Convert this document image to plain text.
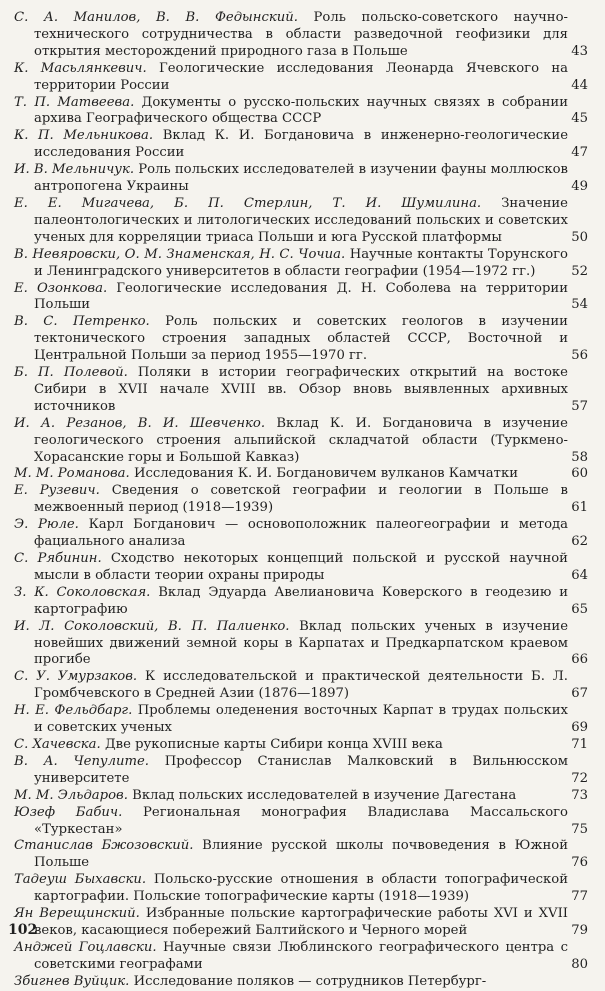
С. А. Манилов, В. В. Федынский. Роль польско-советского научно-технического сотрудничества в области разведочной геофизики для открытия месторождений природного газа в Польше	43
К. Масьлянкевич. Геологические исследования Леонарда Ячевского на территории России	44
Т. П. Матвеева. Документы о русско-польских научных связях в собрании архива Географического общества СССР	45
К. П. Мельникова. Вклад К. И. Богдановича в инженерно-геологические исследования России	47
И. В. Мельничук. Роль польских исследователей в изучении фауны моллюсков антропогена Украины	49
Е. Е. Мигачева, Б. П. Стерлин, Т. И. Шумилина. Значение палеонтологических и литологических исследований польских и советских ученых для корреляции триаса Польши и юга Русской платформы	50
В. Невяровски, О. М. Знаменская, Н. С. Чочиа. Научные контакты Торунского и Ленинградского университетов в области географии (1954—1972 гг.)	52
Е. Озонкова. Геологические исследования Д. Н. Соболева на территории Польши	54
В. С. Петренко. Роль польских и советских геологов в изучении тектонического строения западных областей СССР, Восточной и Центральной Польши за период 1955—1970 гг.	56
Б. П. Полевой. Поляки в истории географических открытий на востоке Сибири в XVII начале XVIII вв. Обзор вновь выявленных архивных источников	57
И. А. Резанов, В. И. Шевченко. Вклад К. И. Богдановича в изучение геологического строения альпийской складчатой области (Туркмено-Хорасанские горы и Большой Кавказ)	58
М. М. Романова. Исследования К. И. Богдановичем вулканов Камчатки	60
Е. Рузевич. Сведения о советской географии и геологии в Польше в межвоенный период (1918—1939)	61
Э. Рюле. Карл Богданович — основоположник палеогеографии и метода фациального анализа	62
С. Рябинин. Сходство некоторых концепций польской и русской научной мысли в области теории охраны природы	64
З. К. Соколовская. Вклад Эдуарда Авелиановича Коверского в геодезию и картографию	65
И. Л. Соколовский, В. П. Палиенко. Вклад польских ученых в изучение новейших движений земной коры в Карпатах и Предкарпатском краевом прогибе	66
С. У. Умурзаков. К исследовательской и практической деятельности Б. Л. Громбчевского в Средней Азии (1876—1897)	67
Н. Е. Фельдбарг. Проблемы оледенения восточных Карпат в трудах польских и советских ученых	69
С. Хачевска. Две рукописные карты Сибири конца XVIII века	71
В. А. Чепулите. Профессор Станислав Малковский в Вильнюсском университете	72
М. М. Эльдаров. Вклад польских исследователей в изучение Дагестана	73
Юзеф Бабич. Региональная монография Владислава Массальского «Туркестан»	75
Станислав Бжозовский. Влияние русской школы почвоведения в Южной Польше	76
Тадеуш Быхавски. Польско-русские отношения в области топографической картографии. Польские топографические карты (1918—1939)	77
Ян Верещинский. Избранные польские картографические работы XVI и XVII веков, касающиеся побережий Балтийского и Черного морей	79
Анджей Гоцлавски. Научные связи Люблинского географического центра с советскими географами	80
Збигнев Вуйцик. Исследование поляков — сотрудников Петербург-
102
